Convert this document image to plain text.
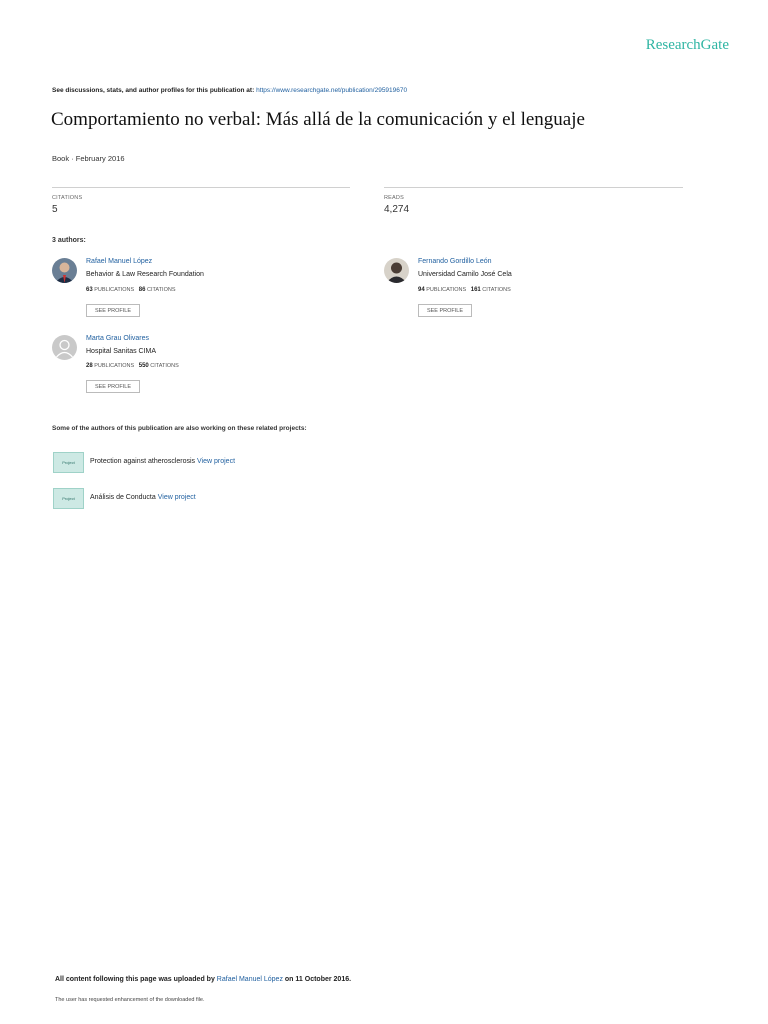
ResearchGate
See discussions, stats, and author profiles for this publication at: https://www.researchgate.net/publication/295919670
Comportamiento no verbal: Más allá de la comunicación y el lenguaje
Book · February 2016
CITATIONS
5
READS
4,274
3 authors:
Rafael Manuel López
Behavior & Law Research Foundation
63 PUBLICATIONS 86 CITATIONS
SEE PROFILE
Fernando Gordillo León
Universidad Camilo José Cela
94 PUBLICATIONS 161 CITATIONS
SEE PROFILE
Marta Grau Olivares
Hospital Sanitas CIMA
28 PUBLICATIONS 550 CITATIONS
SEE PROFILE
Some of the authors of this publication are also working on these related projects:
Project	Protection against atherosclerosis View project
Project	Análisis de Conducta View project
All content following this page was uploaded by Rafael Manuel López on 11 October 2016.
The user has requested enhancement of the downloaded file.
